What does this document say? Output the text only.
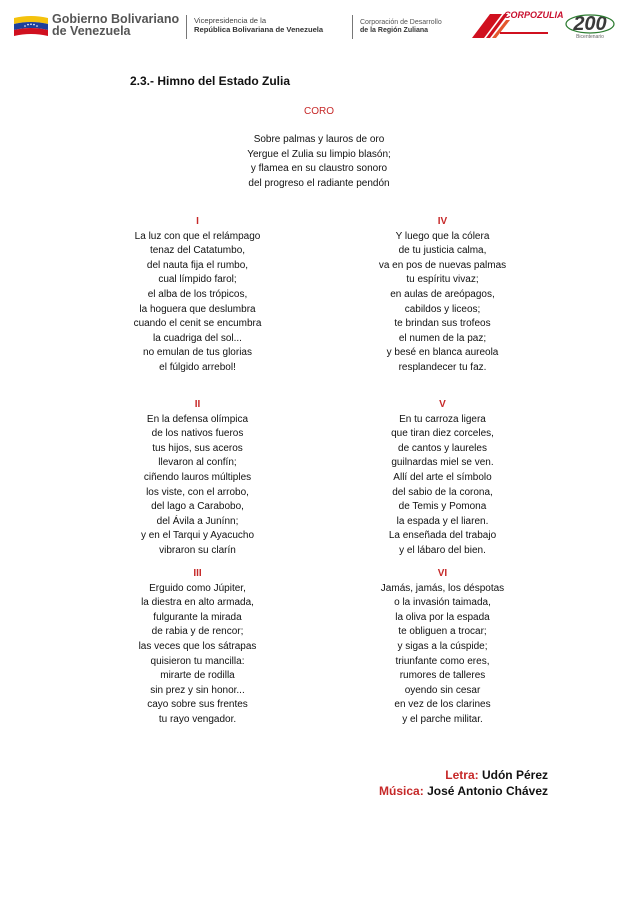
Gobierno Bolivariano
de Venezuela
Vicepresidencia de la
República Bolivariana de Venezuela
Corporación de Desarrollo
de la Región Zuliana
CORPOZULIA 200
Bicentenario
2.3.- Himno del Estado Zulia
CORO
Sobre palmas y lauros de oro
Yergue el Zulia su limpio blasón;
y flamea en su claustro sonoro
del progreso el radiante pendón
I
La luz con que el relámpago
tenaz del Catatumbo,
del nauta fija el rumbo,
cual límpido farol;
el alba de los trópicos,
la hoguera que deslumbra
cuando el cenit se encumbra
la cuadriga del sol...
no emulan de tus glorias
el fúlgido arrebol!
II
En la defensa olímpica
de los nativos fueros
tus hijos, sus aceros
llevaron al confín;
ciñendo lauros múltiples
los viste, con el arrobo,
del lago a Carabobo,
del Ávila a Junínn;
y en el Tarqui y Ayacucho
vibraron su clarín
III
Erguido como Júpiter,
la diestra en alto armada,
fulgurante la mirada
de rabia y de rencor;
las veces que los sátrapas
quisieron tu mancilla:
mirarte de rodilla
sin prez y sin honor...
cayo sobre sus frentes
tu rayo vengador.
IV
Y luego que la cólera
de tu justicia calma,
va en pos de nuevas palmas
tu espíritu vivaz;
en aulas de areópagos,
cabildos y liceos;
te brindan sus trofeos
el numen de la paz;
y besé en blanca aureola
resplandecer tu faz.
V
En tu carroza ligera
que tiran diez corceles,
de cantos y laureles
guilnardas miel se ven.
Allí del arte el símbolo
del sabio de la corona,
de Temis y Pomona
la espada y el liaren.
La enseñada del trabajo
y el lábaro del bien.
VI
Jamás, jamás, los déspotas
o la invasión taimada,
la oliva por la espada
te obliguen a trocar;
y sigas a la cúspide;
triunfante como eres,
rumores de talleres
oyendo sin cesar
en vez de los clarines
y el parche militar.
Letra: Udón Pérez
Música: José Antonio Chávez
